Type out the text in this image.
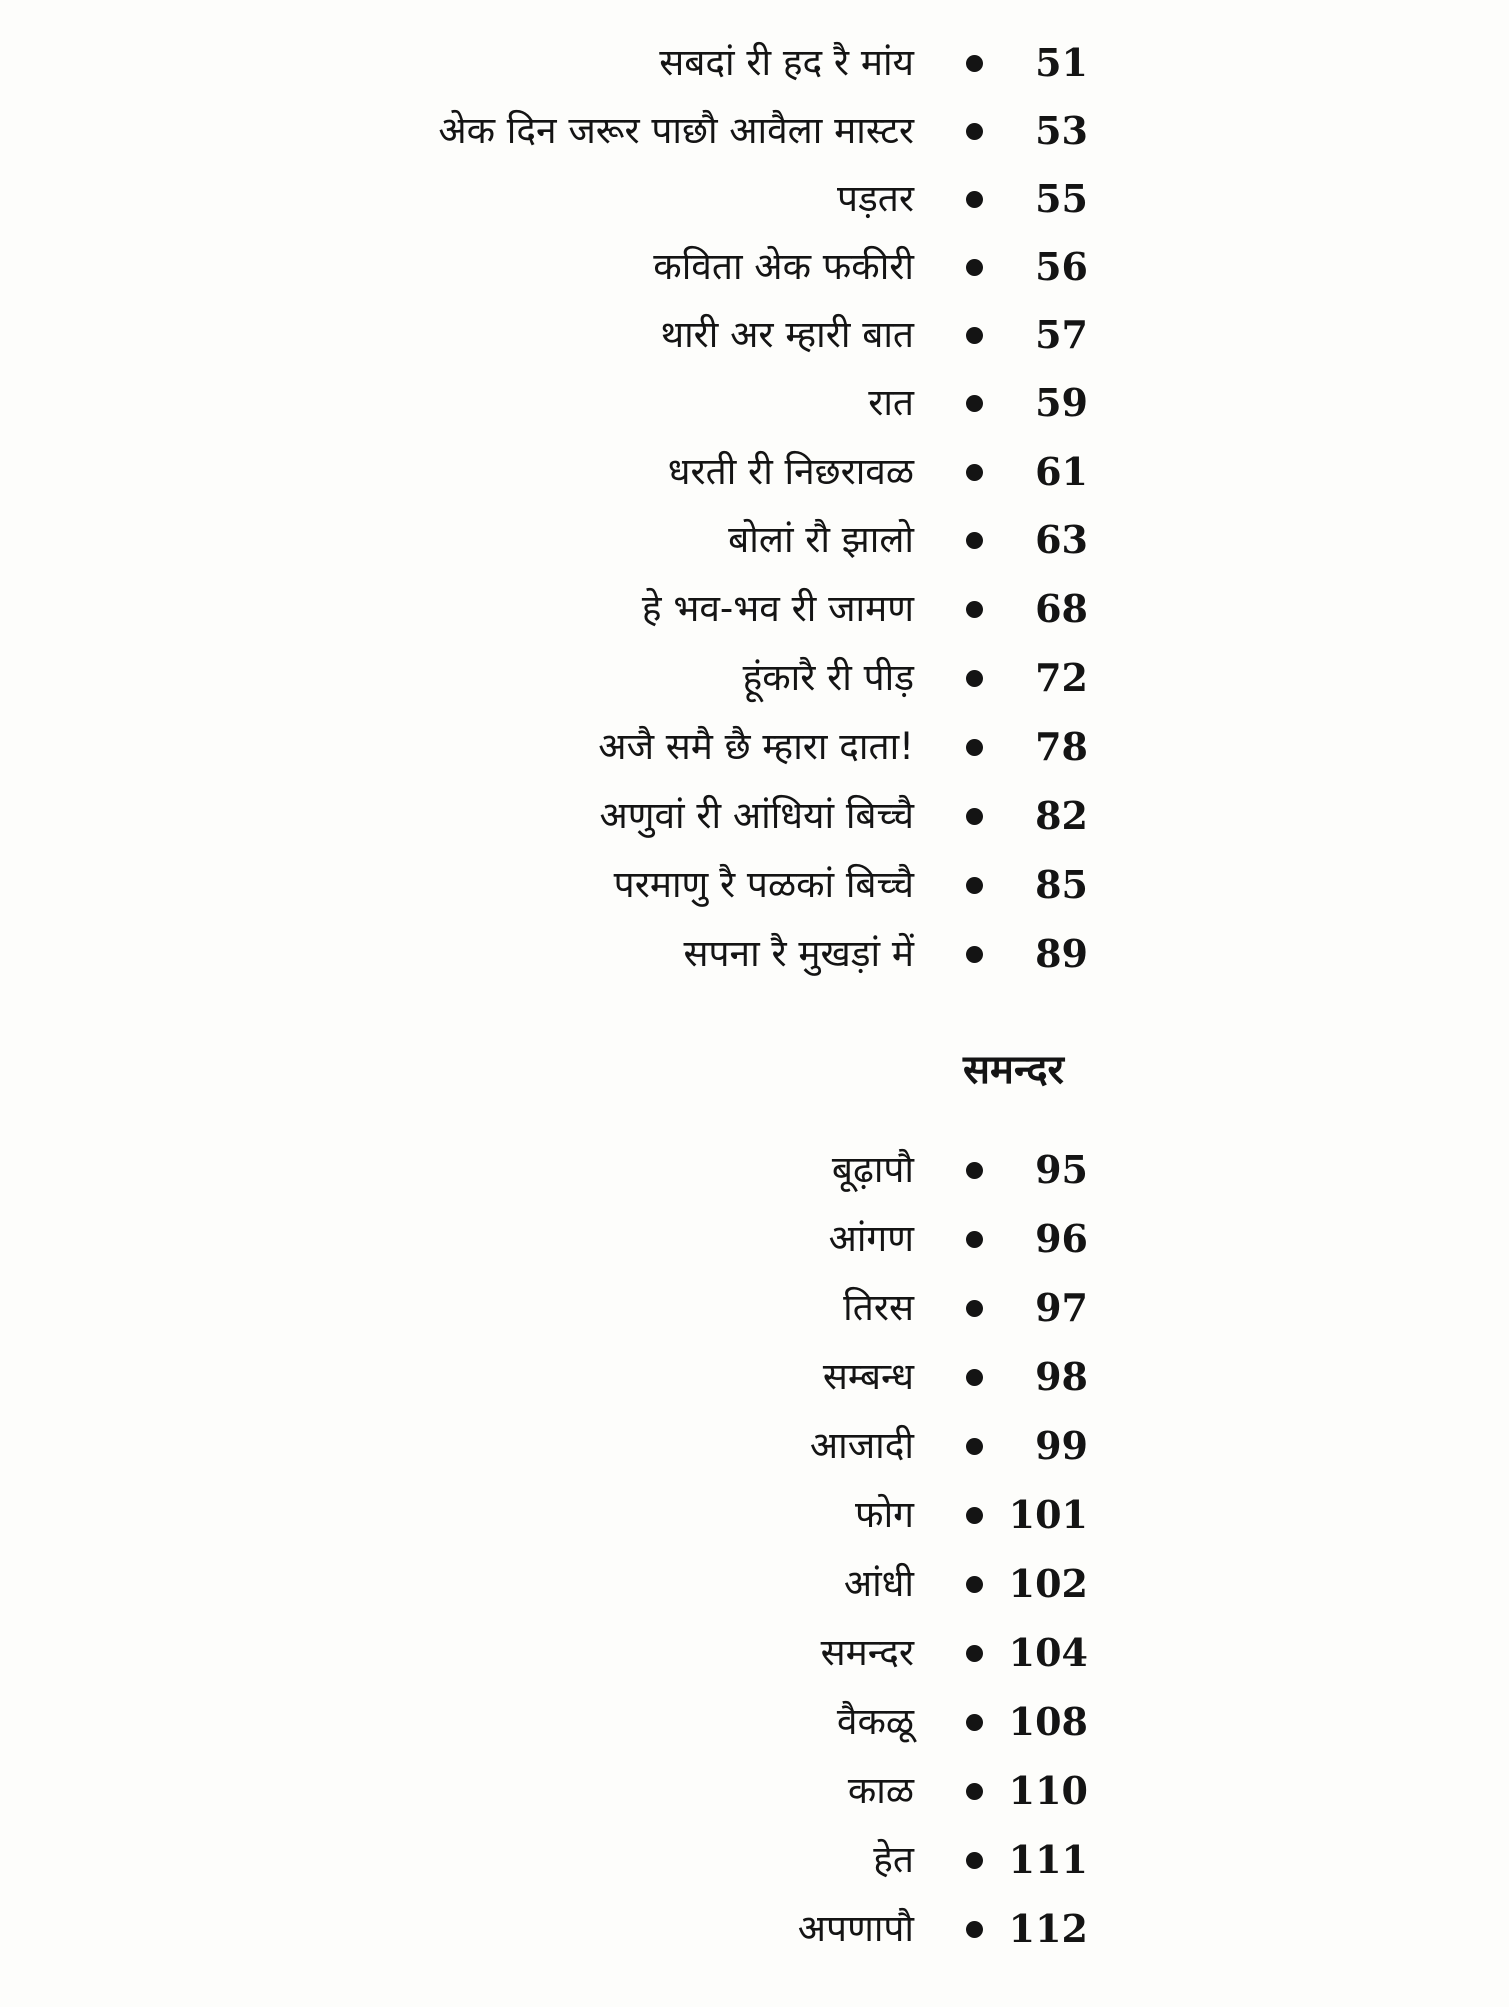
सबदां री हद रै मांय	51
अेक दिन जरूर पाछौ आवैला मास्टर	53
पड़तर	55
कविता अेक फकीरी	56
थारी अर म्हारी बात	57
रात	59
धरती री निछरावळ	61
बोलां रौ झालो	63
हे भव-भव री जामण	68
हूंकारै री पीड़	72
अजै समै छै म्हारा दाता!	78
अणुवां री आंधियां बिच्चै	82
परमाणु रै पळकां बिच्चै	85
सपना रै मुखड़ां में	89
समन्दर
बूढ़ापौ	95
आंगण	96
तिरस	97
सम्बन्ध	98
आजादी	99
फोग 101
आंधी 102
समन्दर 104
वैकळू 108
काळ 110
हेत 111
अपणापौ 112
